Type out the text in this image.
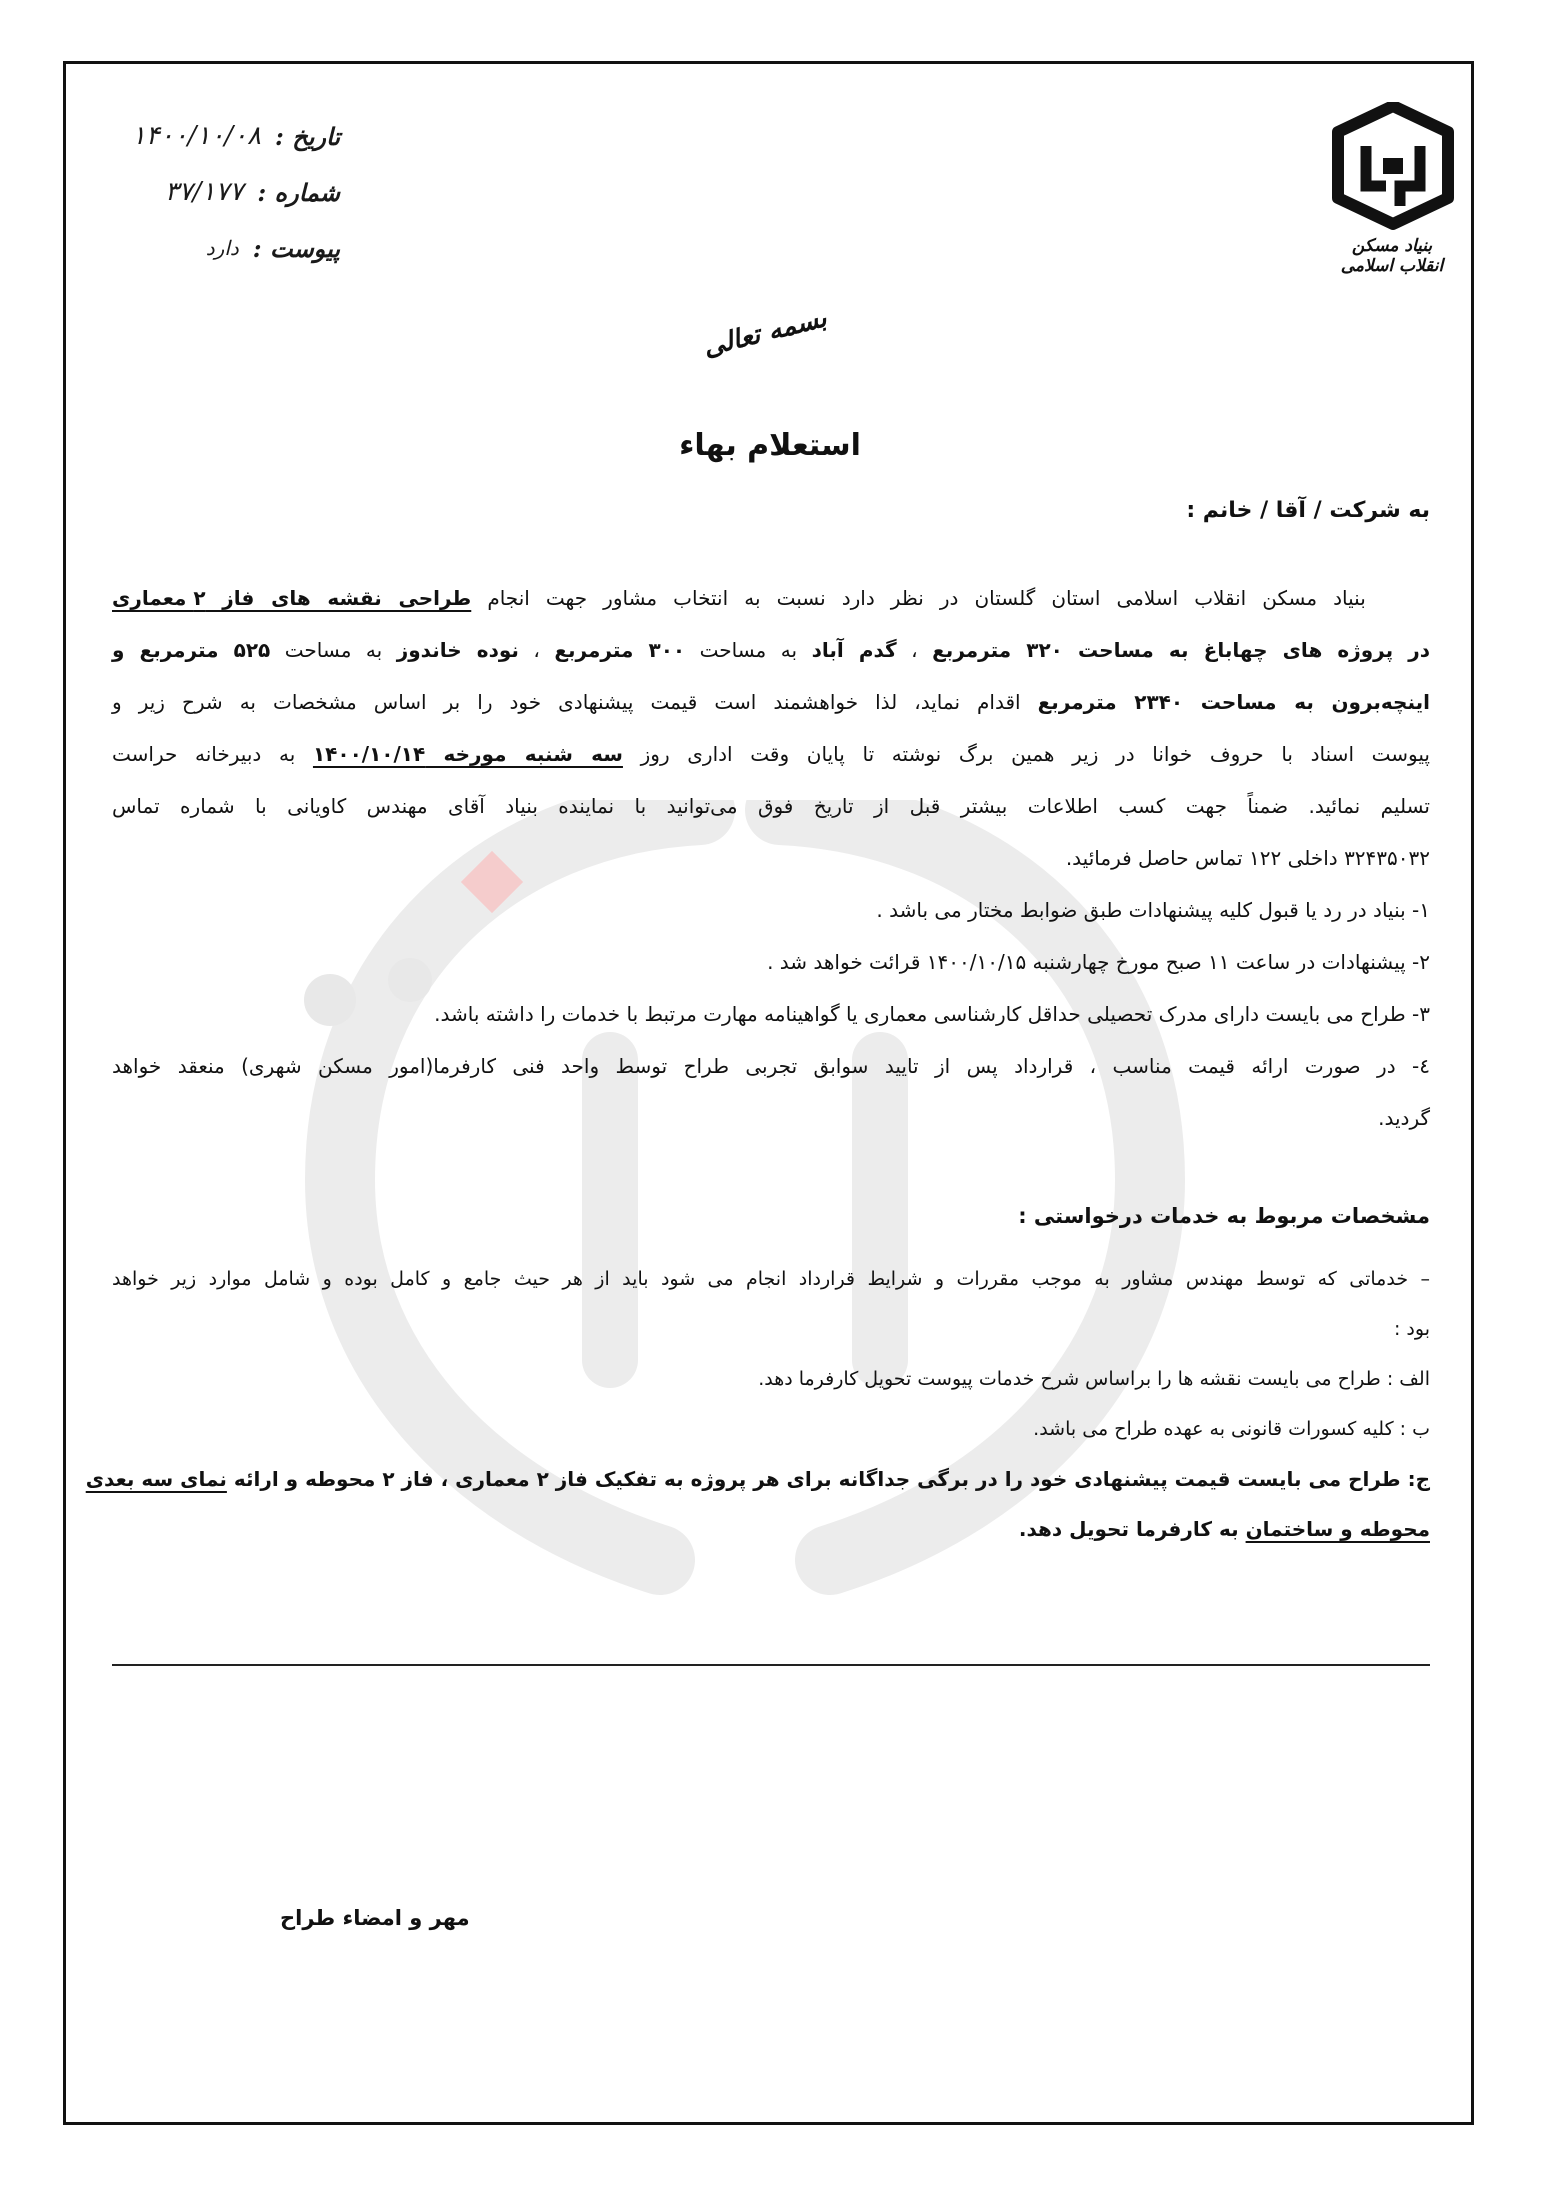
تاریخ :
۱۴۰۰/۱۰/۰۸
شماره :
۳۷/۱۷۷
پیوست :
دارد	بنیاد مسکن انقلاب اسلامی
بسمه تعالی
استعلام بهاء
به شرکت / آقا / خانم :
بنیاد مسکن انقلاب اسلامی استان گلستان در نظر دارد نسبت به انتخاب مشاور جهت انجام طراحی نقشه های فاز ۲ معماری
در پروژه های چهاباغ به مساحت ۳۲۰ مترمربع ، گدم آباد به مساحت ۳۰۰ مترمربع ، نوده خاندوز به مساحت ۵۲۵ مترمربع و
اینچه‌برون به مساحت ۲۳۴۰ مترمربع اقدام نماید، لذا خواهشمند است قیمت پیشنهادی خود را بر اساس مشخصات به شرح زیر و
پیوست اسناد با حروف خوانا در زیر همین برگ نوشته تا پایان وقت اداری روز سه شنبه مورخه ۱۴۰۰/۱۰/۱۴ به دبیرخانه حراست
تسلیم نمائید. ضمناً جهت کسب اطلاعات بیشتر قبل از تاریخ فوق می‌توانید با نماینده بنیاد آقای مهندس کاویانی با شماره تماس
۳۲۴۳۵۰۳۲ داخلی ۱۲۲ تماس حاصل فرمائید.
۱- بنیاد در رد یا قبول کلیه پیشنهادات طبق ضوابط مختار می باشد .
۲- پیشنهادات در ساعت ۱۱ صبح مورخ چهارشنبه ۱۴۰۰/۱۰/۱۵ قرائت خواهد شد .
۳- طراح می بایست دارای مدرک تحصیلی حداقل کارشناسی معماری یا گواهینامه مهارت مرتبط با خدمات را داشته باشد.
٤- در صورت ارائه قیمت مناسب ، قرارداد پس از تایید سوابق تجربی طراح توسط واحد فنی کارفرما(امور مسکن شهری) منعقد خواهد
گردید.
مشخصات مربوط به خدمات درخواستی :
– خدماتی که توسط مهندس مشاور به موجب مقررات و شرایط قرارداد انجام می شود باید از هر حیث جامع و کامل بوده و شامل موارد زیر خواهد
بود :
الف : طراح می بایست نقشه ها را براساس شرح خدمات پیوست تحویل کارفرما دهد.
ب : کلیه کسورات قانونی به عهده طراح می باشد.
ج: طراح می بایست قیمت پیشنهادی خود را در برگی جداگانه برای هر پروژه به تفکیک فاز ۲ معماری ، فاز ۲ محوطه و ارائه نمای سه بعدی
محوطه و ساختمان به کارفرما تحویل دهد.
مهر و امضاء طراح
